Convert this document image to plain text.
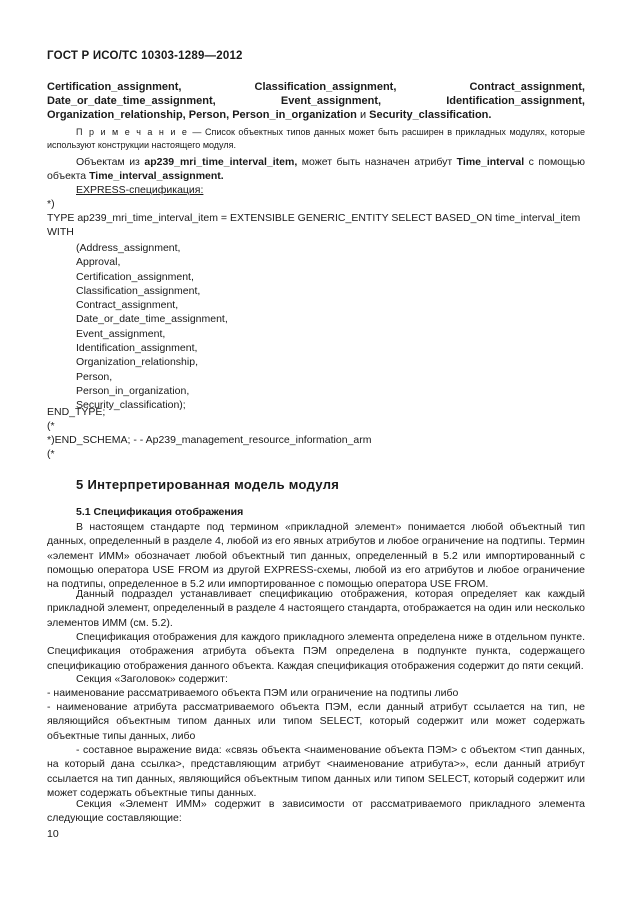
ГОСТ Р ИСО/ТС 10303-1289—2012
Certification_assignment, Classification_assignment, Contract_assignment, Date_or_date_time_assignment, Event_assignment, Identification_assignment, Organization_relationship, Person, Person_in_organization и Security_classification.
П р и м е ч а н и е — Список объектных типов данных может быть расширен в прикладных модулях, которые используют конструкции настоящего модуля.
Объектам из ap239_mri_time_interval_item, может быть назначен атрибут Time_interval с помощью объекта Time_interval_assignment.
EXPRESS-спецификация:
*)
TYPE ap239_mri_time_interval_item = EXTENSIBLE GENERIC_ENTITY SELECT BASED_ON time_interval_item
WITH
(Address_assignment,
Approval,
Certification_assignment,
Classification_assignment,
Contract_assignment,
Date_or_date_time_assignment,
Event_assignment,
Identification_assignment,
Organization_relationship,
Person,
Person_in_organization,
Security_classification);
END_TYPE;
(*
*)END_SCHEMA; - - Ap239_management_resource_information_arm
(*
5 Интерпретированная модель модуля
5.1 Спецификация отображения
В настоящем стандарте под термином «прикладной элемент» понимается любой объектный тип данных, определенный в разделе 4, любой из его явных атрибутов и любое ограничение на подтипы. Термин «элемент ИММ» обозначает любой объектный тип данных, определенный в 5.2 или импортированный с помощью оператора USE FROM из другой EXPRESS-схемы, любой из его атрибутов и любое ограничение на подтипы, определенное в 5.2 или импортированное с помощью оператора USE FROM.
Данный подраздел устанавливает спецификацию отображения, которая определяет как каждый прикладной элемент, определенный в разделе 4 настоящего стандарта, отображается на один или несколько элементов ИММ (см. 5.2).
Спецификация отображения для каждого прикладного элемента определена ниже в отдельном пункте. Спецификация отображения атрибута объекта ПЭМ определена в подпункте пункта, содержащего спецификацию отображения данного объекта. Каждая спецификация отображения содержит до пяти секций.
Секция «Заголовок» содержит:
- наименование рассматриваемого объекта ПЭМ или ограничение на подтипы либо
- наименование атрибута рассматриваемого объекта ПЭМ, если данный атрибут ссылается на тип, не являющийся объектным типом данных или типом SELECT, который содержит или может содержать объектные типы данных, либо
- составное выражение вида: «связь объекта <наименование объекта ПЭМ> с объектом <тип данных, на который дана ссылка>, представляющим атрибут <наименование атрибута>», если данный атрибут ссылается на тип данных, являющийся объектным типом данных или типом SELECT, который содержит или может содержать объектные типы данных.
Секция «Элемент ИММ» содержит в зависимости от рассматриваемого прикладного элемента следующие составляющие:
10
